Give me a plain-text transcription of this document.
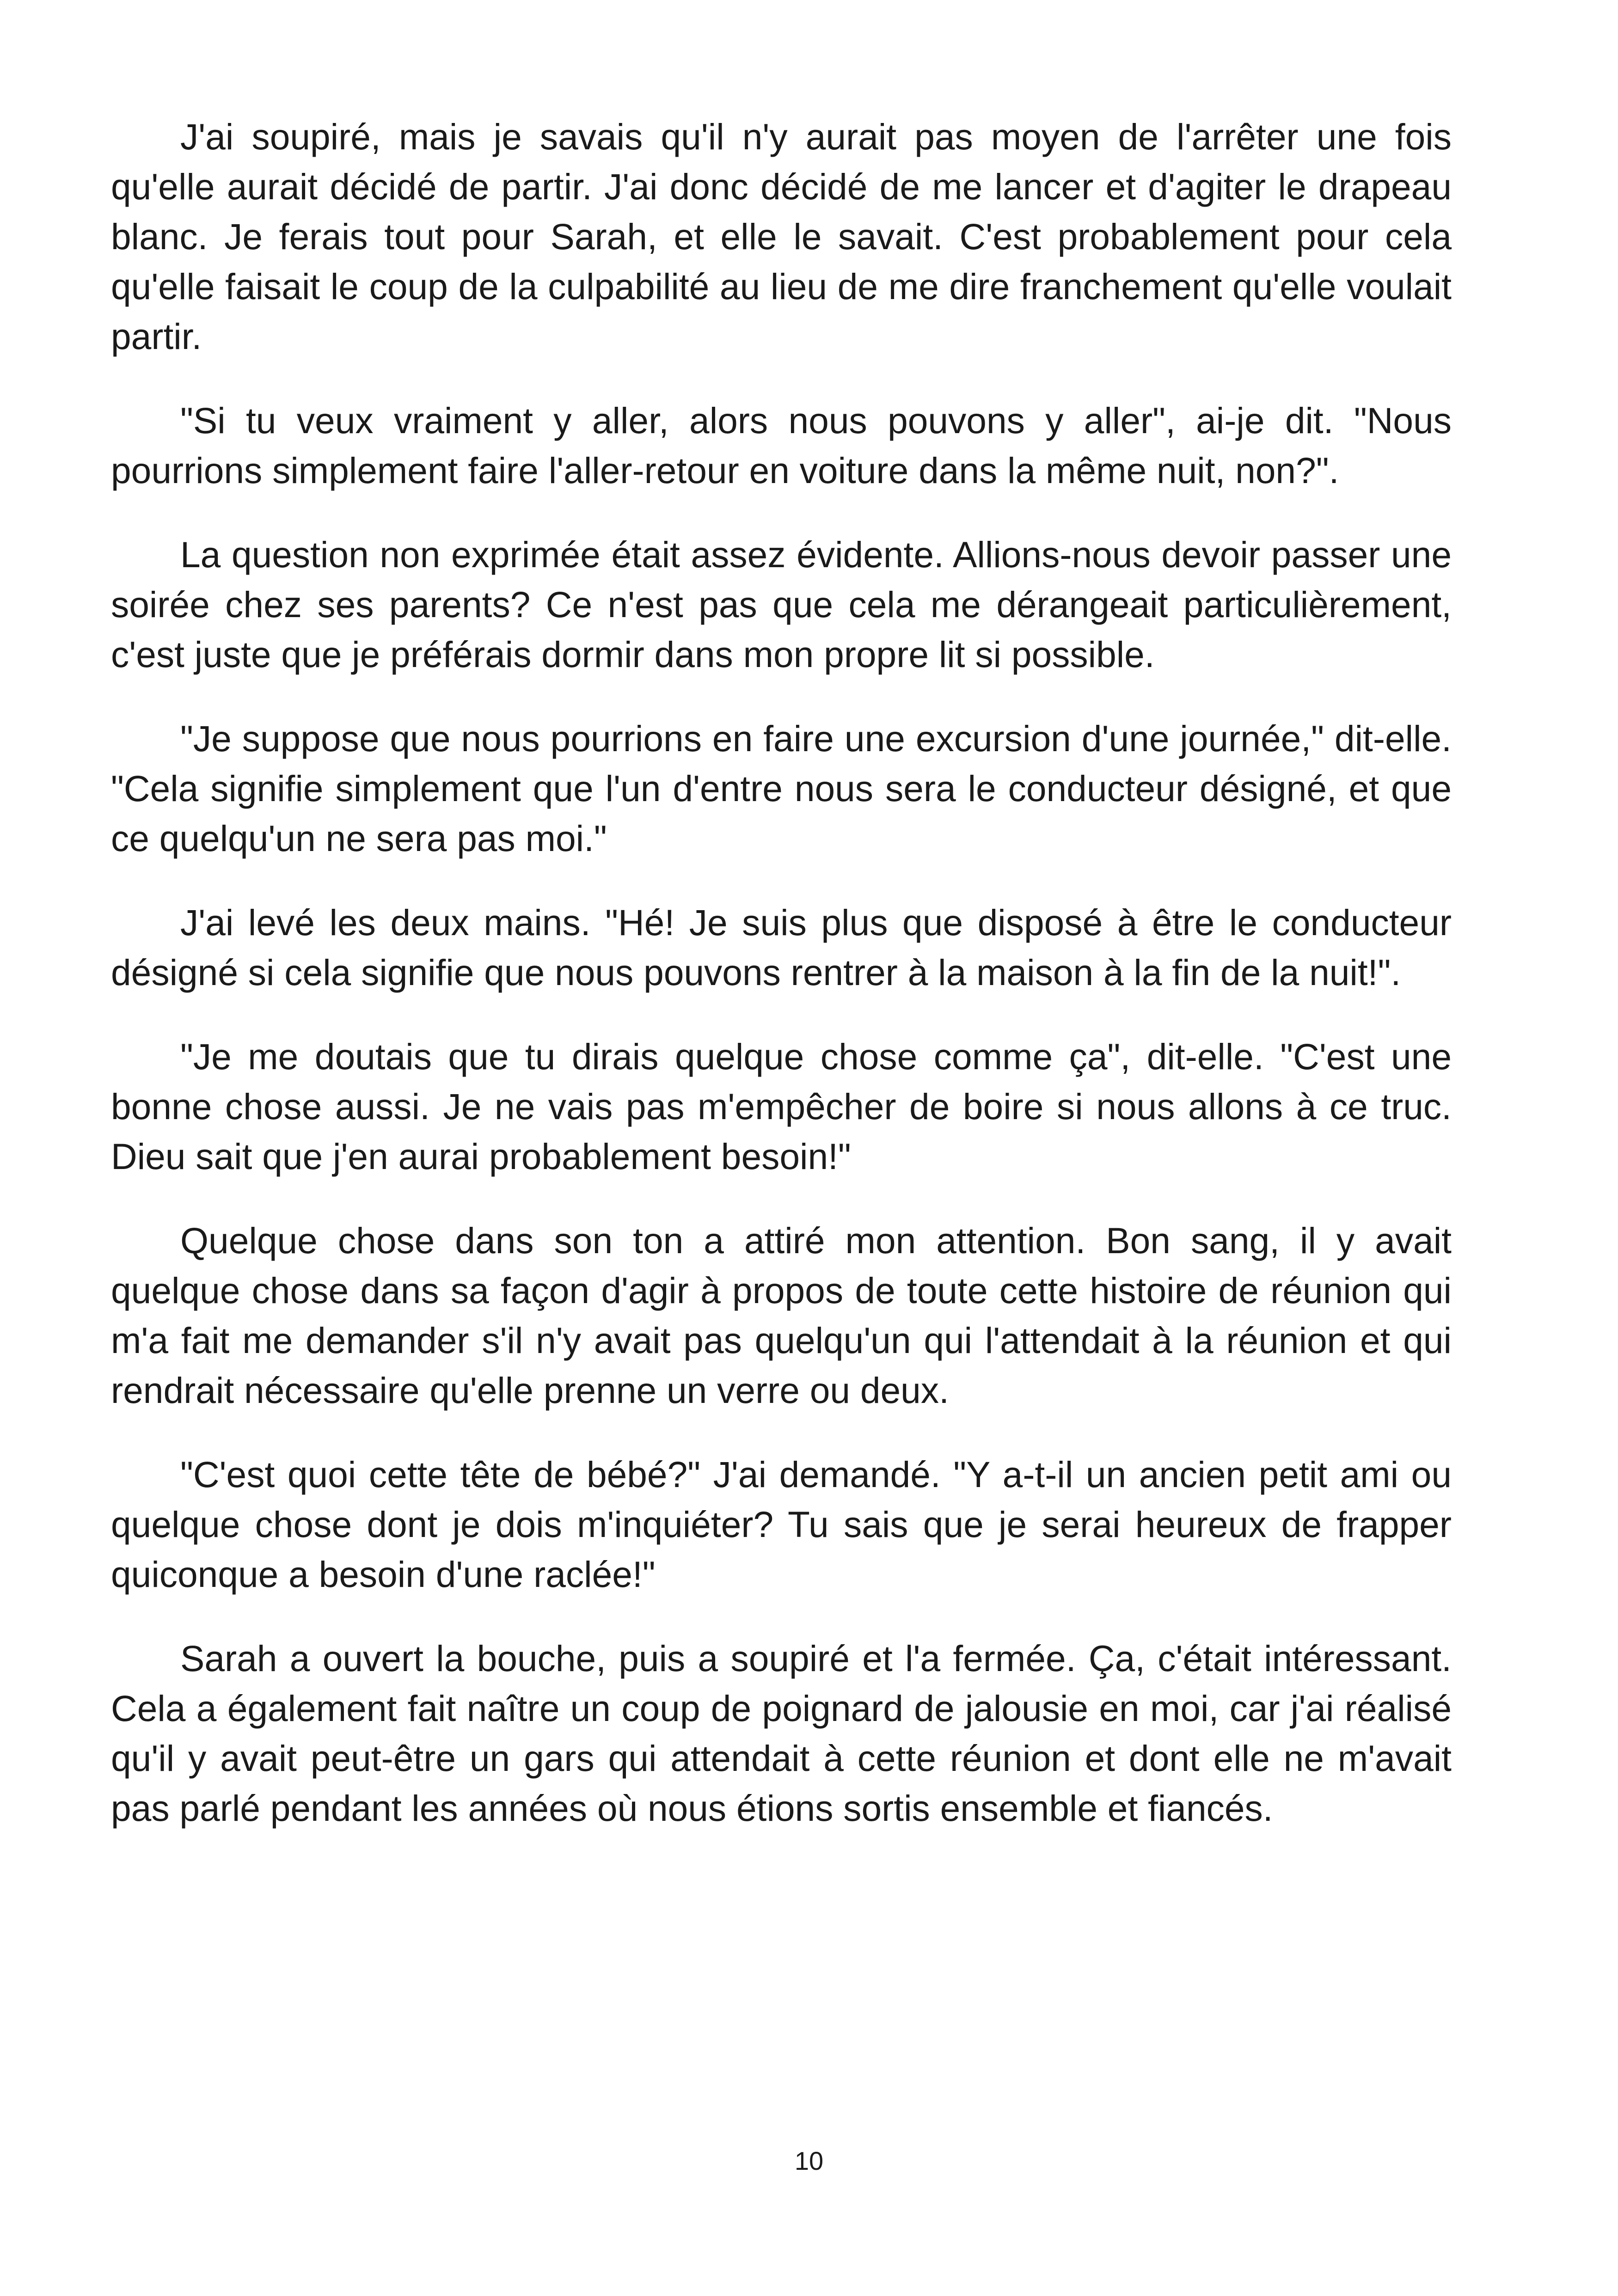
J'ai soupiré, mais je savais qu'il n'y aurait pas moyen de l'arrêter une fois qu'elle aurait décidé de partir. J'ai donc décidé de me lancer et d'agiter le drapeau blanc. Je ferais tout pour Sarah, et elle le savait. C'est probablement pour cela qu'elle faisait le coup de la culpabilité au lieu de me dire franchement qu'elle voulait partir.

"Si tu veux vraiment y aller, alors nous pouvons y aller", ai-je dit. "Nous pourrions simplement faire l'aller-retour en voiture dans la même nuit, non?".

La question non exprimée était assez évidente. Allions-nous devoir passer une soirée chez ses parents? Ce n'est pas que cela me dérangeait particulièrement, c'est juste que je préférais dormir dans mon propre lit si possible.

"Je suppose que nous pourrions en faire une excursion d'une journée," dit-elle. "Cela signifie simplement que l'un d'entre nous sera le conducteur désigné, et que ce quelqu'un ne sera pas moi."

J'ai levé les deux mains. "Hé! Je suis plus que disposé à être le conducteur désigné si cela signifie que nous pouvons rentrer à la maison à la fin de la nuit!".

"Je me doutais que tu dirais quelque chose comme ça", dit-elle. "C'est une bonne chose aussi. Je ne vais pas m'empêcher de boire si nous allons à ce truc. Dieu sait que j'en aurai probablement besoin!"

Quelque chose dans son ton a attiré mon attention. Bon sang, il y avait quelque chose dans sa façon d'agir à propos de toute cette histoire de réunion qui m'a fait me demander s'il n'y avait pas quelqu'un qui l'attendait à la réunion et qui rendrait nécessaire qu'elle prenne un verre ou deux.

"C'est quoi cette tête de bébé?" J'ai demandé. "Y a-t-il un ancien petit ami ou quelque chose dont je dois m'inquiéter? Tu sais que je serai heureux de frapper quiconque a besoin d'une raclée!"

Sarah a ouvert la bouche, puis a soupiré et l'a fermée. Ça, c'était intéressant. Cela a également fait naître un coup de poignard de jalousie en moi, car j'ai réalisé qu'il y avait peut-être un gars qui attendait à cette réunion et dont elle ne m'avait pas parlé pendant les années où nous étions sortis ensemble et fiancés.

10
